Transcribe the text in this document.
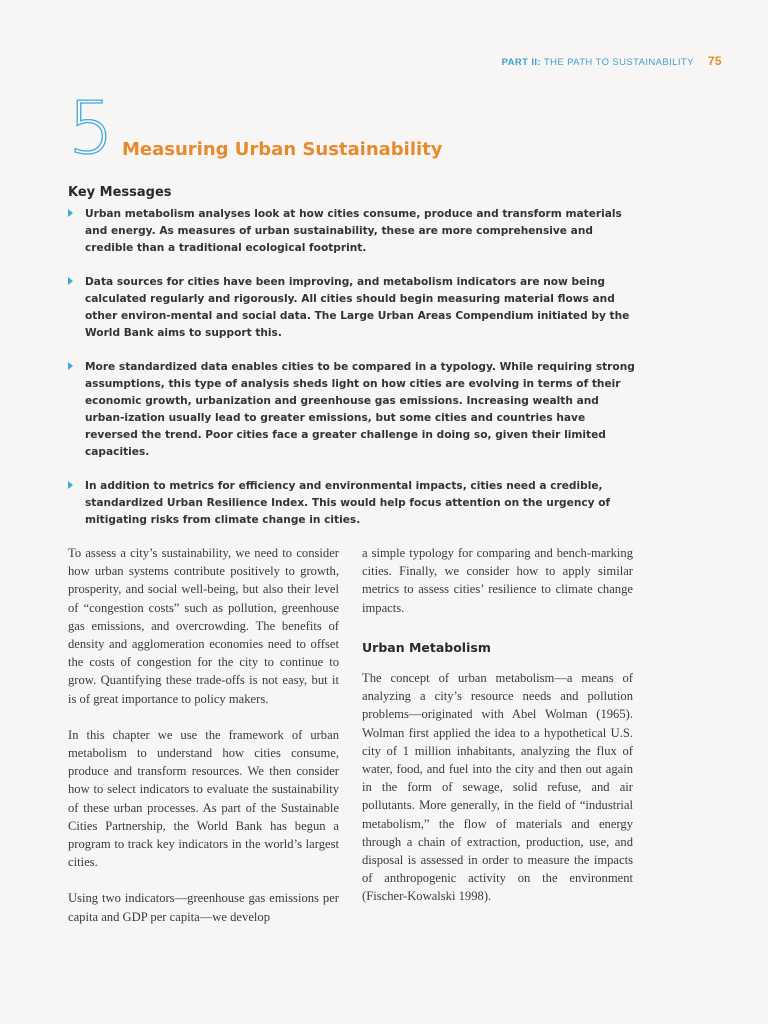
PART II: THE PATH TO SUSTAINABILITY 75
5 Measuring Urban Sustainability
Key Messages
Urban metabolism analyses look at how cities consume, produce and transform materials and energy. As measures of urban sustainability, these are more comprehensive and credible than a traditional ecological footprint.
Data sources for cities have been improving, and metabolism indicators are now being calculated regularly and rigorously. All cities should begin measuring material flows and other environ-mental and social data. The Large Urban Areas Compendium initiated by the World Bank aims to support this.
More standardized data enables cities to be compared in a typology. While requiring strong assumptions, this type of analysis sheds light on how cities are evolving in terms of their economic growth, urbanization and greenhouse gas emissions. Increasing wealth and urban-ization usually lead to greater emissions, but some cities and countries have reversed the trend. Poor cities face a greater challenge in doing so, given their limited capacities.
In addition to metrics for efficiency and environmental impacts, cities need a credible, standardized Urban Resilience Index. This would help focus attention on the urgency of mitigating risks from climate change in cities.

To assess a city’s sustainability, we need to consider how urban systems contribute positively to growth, prosperity, and social well-being, but also their level of “congestion costs” such as pollution, greenhouse gas emissions, and overcrowding. The benefits of density and agglomeration economies need to offset the costs of congestion for the city to continue to grow. Quantifying these trade-offs is not easy, but it is of great importance to policy makers.

In this chapter we use the framework of urban metabolism to understand how cities consume, produce and transform resources. We then consider how to select indicators to evaluate the sustainability of these urban processes. As part of the Sustainable Cities Partnership, the World Bank has begun a program to track key indicators in the world’s largest cities.

Using two indicators—greenhouse gas emissions per capita and GDP per capita—we develop

a simple typology for comparing and bench-marking cities. Finally, we consider how to apply similar metrics to assess cities’ resilience to climate change impacts.

Urban Metabolism

The concept of urban metabolism—a means of analyzing a city’s resource needs and pollution problems—originated with Abel Wolman (1965). Wolman first applied the idea to a hypothetical U.S. city of 1 million inhabitants, analyzing the flux of water, food, and fuel into the city and then out again in the form of sewage, solid refuse, and air pollutants. More generally, in the field of “industrial metabolism,” the flow of materials and energy through a chain of extraction, production, use, and disposal is assessed in order to measure the impacts of anthropogenic activity on the environment (Fischer-Kowalski 1998).
